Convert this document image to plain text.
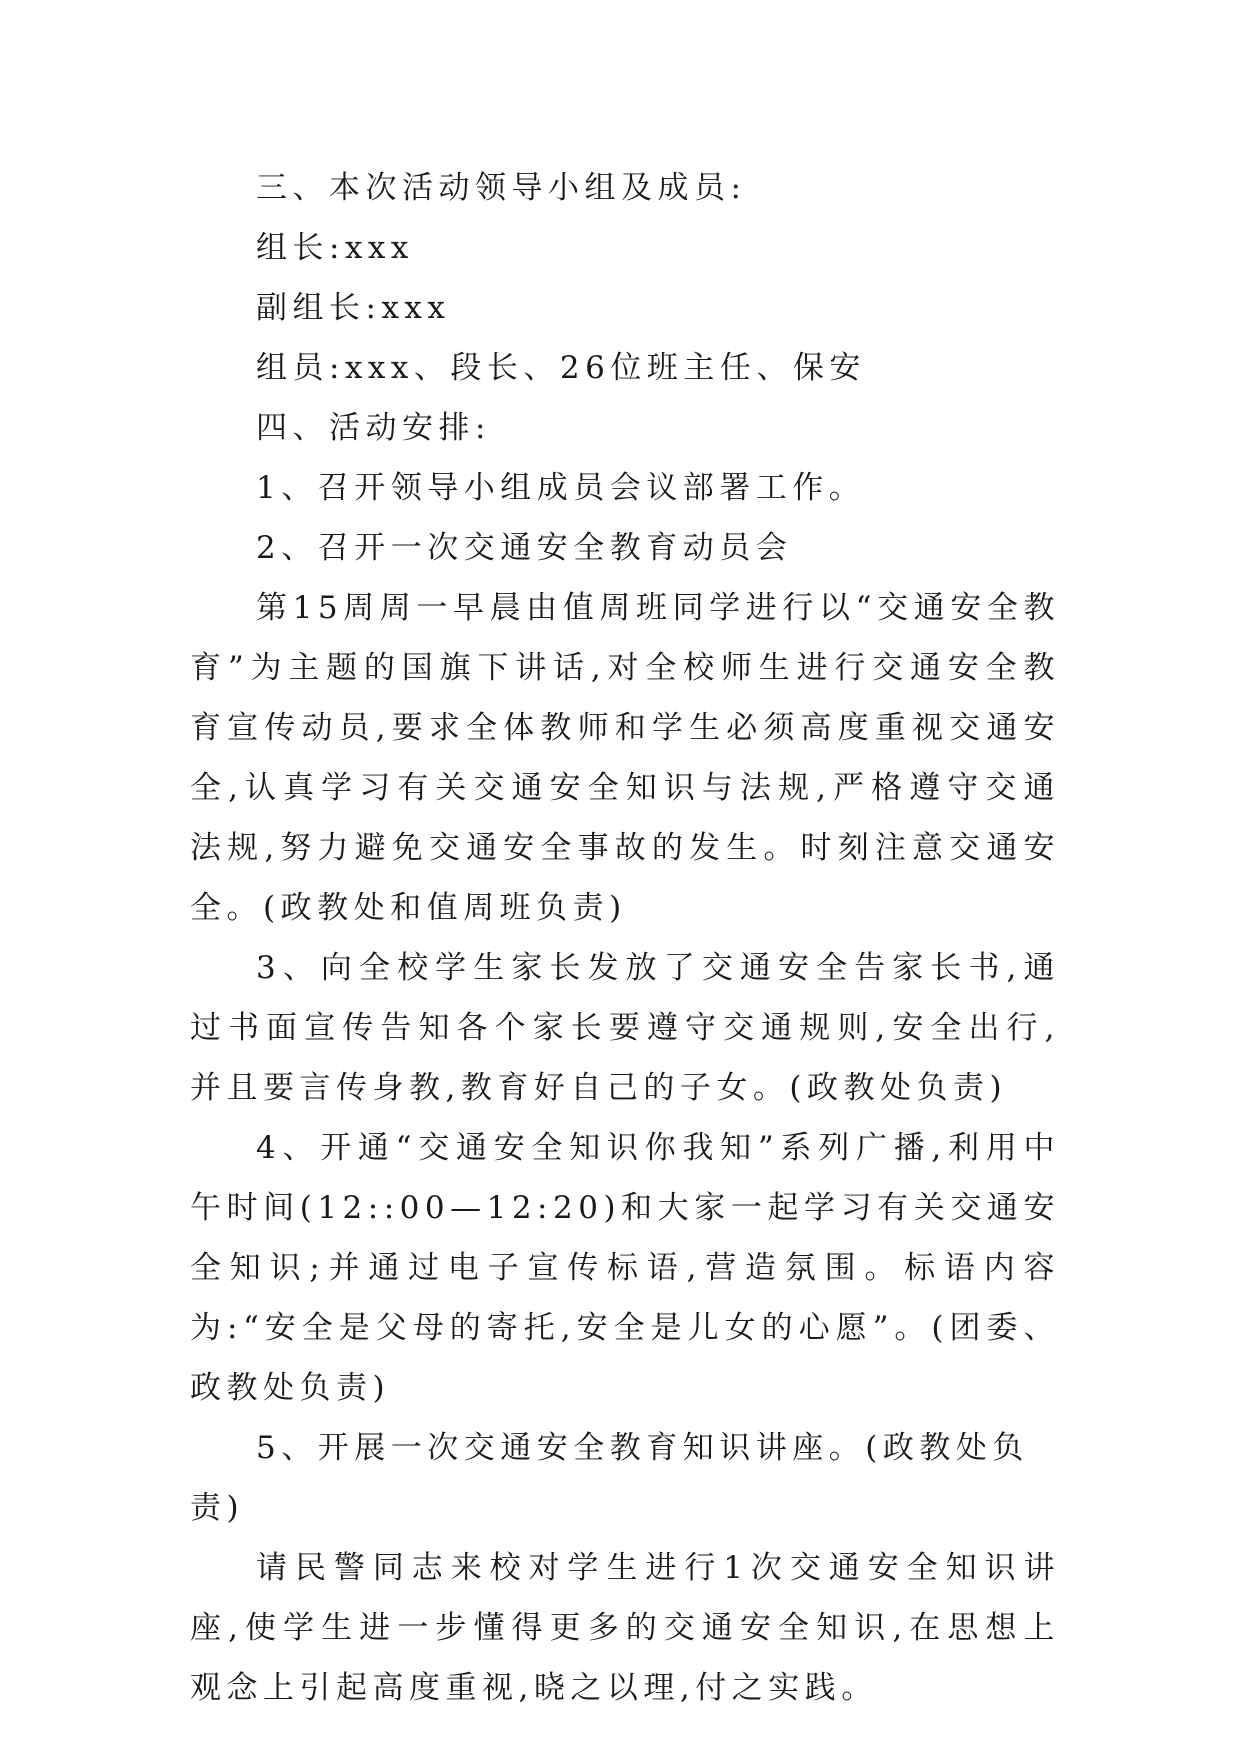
三、本次活动领导小组及成员:

组长:xxx

副组长:xxx

组员:xxx、段长、26位班主任、保安

四、活动安排:

1、召开领导小组成员会议部署工作。

2、召开一次交通安全教育动员会

第15周周一早晨由值周班同学进行以“交通安全教育”为主题的国旗下讲话,对全校师生进行交通安全教育宣传动员,要求全体教师和学生必须高度重视交通安全,认真学习有关交通安全知识与法规,严格遵守交通法规,努力避免交通安全事故的发生。时刻注意交通安全。(政教处和值周班负责)

3、向全校学生家长发放了交通安全告家长书,通过书面宣传告知各个家长要遵守交通规则,安全出行,并且要言传身教,教育好自己的子女。(政教处负责)

4、开通“交通安全知识你我知”系列广播,利用中午时间(12::00—12:20)和大家一起学习有关交通安全知识;并通过电子宣传标语,营造氛围。标语内容为:“安全是父母的寄托,安全是儿女的心愿”。(团委、政教处负责)

5、开展一次交通安全教育知识讲座。(政教处负责)

请民警同志来校对学生进行1次交通安全知识讲座,使学生进一步懂得更多的交通安全知识,在思想上观念上引起高度重视,晓之以理,付之实践。
